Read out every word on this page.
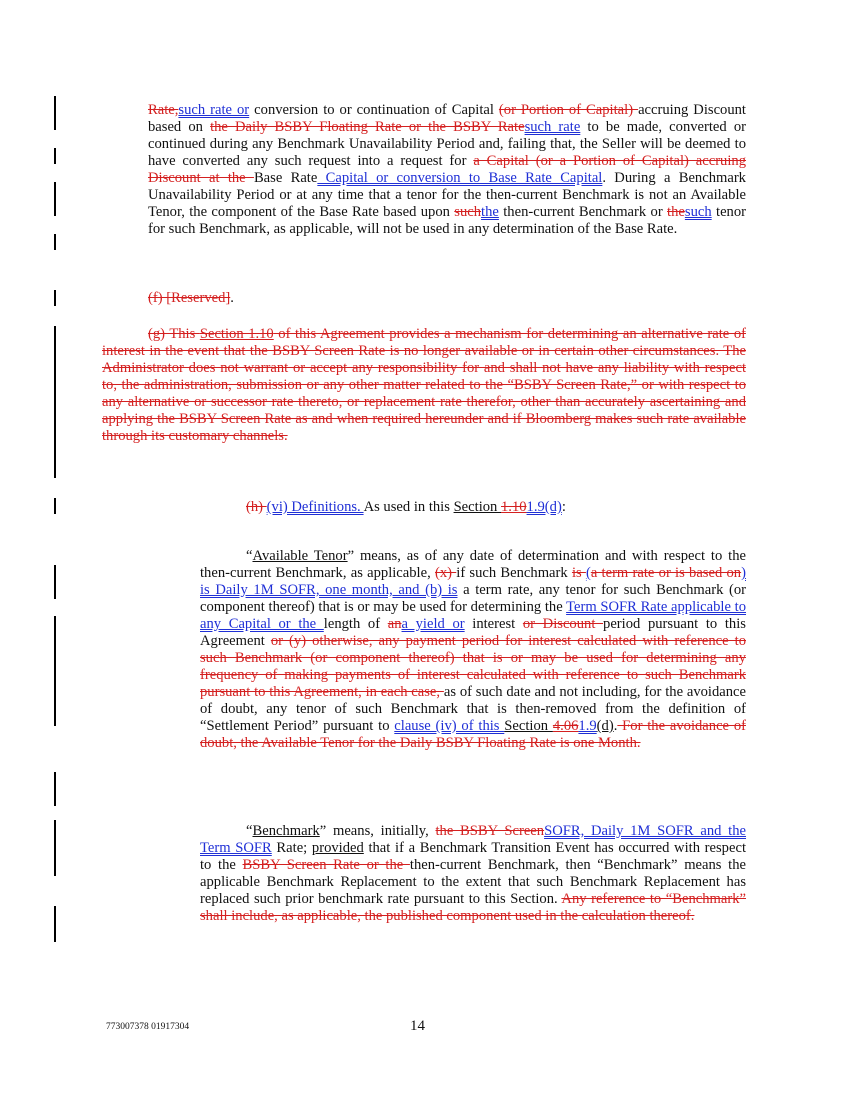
Rate,such rate or conversion to or continuation of Capital (or Portion of Capital) accruing Discount based on the Daily BSBY Floating Rate or the BSBY Ratesuch rate to be made, converted or continued during any Benchmark Unavailability Period and, failing that, the Seller will be deemed to have converted any such request into a request for a Capital (or a Portion of Capital) accruing Discount at the Base Rate Capital or conversion to Base Rate Capital. During a Benchmark Unavailability Period or at any time that a tenor for the then-current Benchmark is not an Available Tenor, the component of the Base Rate based upon suchthe then-current Benchmark or thesuch tenor for such Benchmark, as applicable, will not be used in any determination of the Base Rate.

(f) [Reserved].

(g) This Section 1.10 of this Agreement provides a mechanism for determining an alternative rate of interest in the event that the BSBY Screen Rate is no longer available or in certain other circumstances. The Administrator does not warrant or accept any responsibility for and shall not have any liability with respect to, the administration, submission or any other matter related to the “BSBY Screen Rate,” or with respect to any alternative or successor rate thereto, or replacement rate therefor, other than accurately ascertaining and applying the BSBY Screen Rate as and when required hereunder and if Bloomberg makes such rate available through its customary channels.

(h) (vi) Definitions. As used in this Section 1.101.9(d):

“Available Tenor” means, as of any date of determination and with respect to the then-current Benchmark, as applicable, (x) if such Benchmark is (a term rate or is based on) is Daily 1M SOFR, one month, and (b) is a term rate, any tenor for such Benchmark (or component thereof) that is or may be used for determining the Term SOFR Rate applicable to any Capital or the length of ana yield or interest or Discount period pursuant to this Agreement or (y) otherwise, any payment period for interest calculated with reference to such Benchmark (or component thereof) that is or may be used for determining any frequency of making payments of interest calculated with reference to such Benchmark pursuant to this Agreement, in each case, as of such date and not including, for the avoidance of doubt, any tenor of such Benchmark that is then-removed from the definition of “Settlement Period” pursuant to clause (iv) of this Section 4.061.9(d). For the avoidance of doubt, the Available Tenor for the Daily BSBY Floating Rate is one Month.

“Benchmark” means, initially, the BSBY ScreenSOFR, Daily 1M SOFR and the Term SOFR Rate; provided that if a Benchmark Transition Event has occurred with respect to the BSBY Screen Rate or the then-current Benchmark, then “Benchmark” means the applicable Benchmark Replacement to the extent that such Benchmark Replacement has replaced such prior benchmark rate pursuant to this Section. Any reference to “Benchmark” shall include, as applicable, the published component used in the calculation thereof.

773007378 01917304	14
